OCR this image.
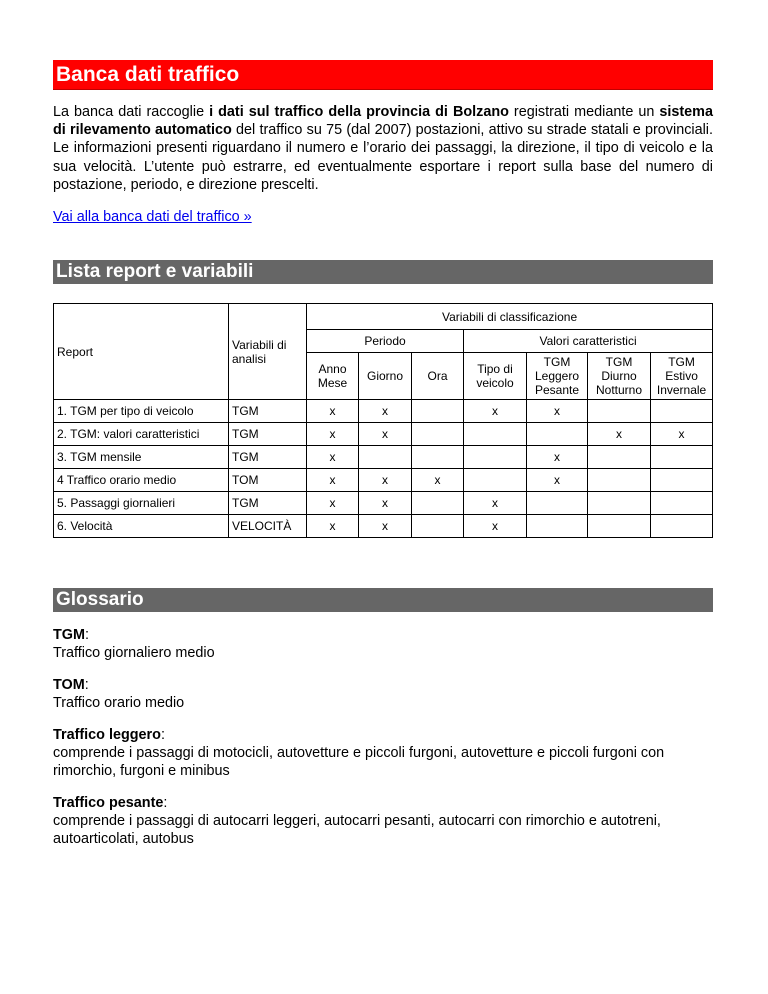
Banca dati traffico

La banca dati raccoglie i dati sul traffico della provincia di Bolzano registrati mediante un sistema di rilevamento automatico del traffico su 75 (dal 2007) postazioni, attivo su strade statali e provinciali. Le informazioni presenti riguardano il numero e l’orario dei passaggi, la direzione, il tipo di veicolo e la sua velocità. L’utente può estrarre, ed eventualmente esportare i report sulla base del numero di postazione, periodo, e direzione prescelti.

Vai alla banca dati del traffico »

Lista report e variabili
Report	Variabili di analisi	Variabili di classificazione						
		Periodo			Valori caratteristici			
		Anno Mese	Giorno	Ora	Tipo di veicolo	TGM Leggero Pesante	TGM Diurno Notturno	TGM Estivo Invernale
1. TGM per tipo di veicolo	TGM	x	x		x	x		
2. TGM: valori caratteristici	TGM	x	x				x	x
3. TGM mensile	TGM	x				x		
4 Traffico orario medio	TOM	x	x	x		x		
5. Passaggi giornalieri	TGM	x	x		x			
6. Velocità	VELOCITÀ	x	x		x			
Glossario

TGM:
Traffico giornaliero medio

TOM:
Traffico orario medio

Traffico leggero:
comprende i passaggi di motocicli, autovetture e piccoli furgoni, autovetture e piccoli furgoni con rimorchio, furgoni e minibus

Traffico pesante:
comprende i passaggi di autocarri leggeri, autocarri pesanti, autocarri con rimorchio e autotreni, autoarticolati, autobus
